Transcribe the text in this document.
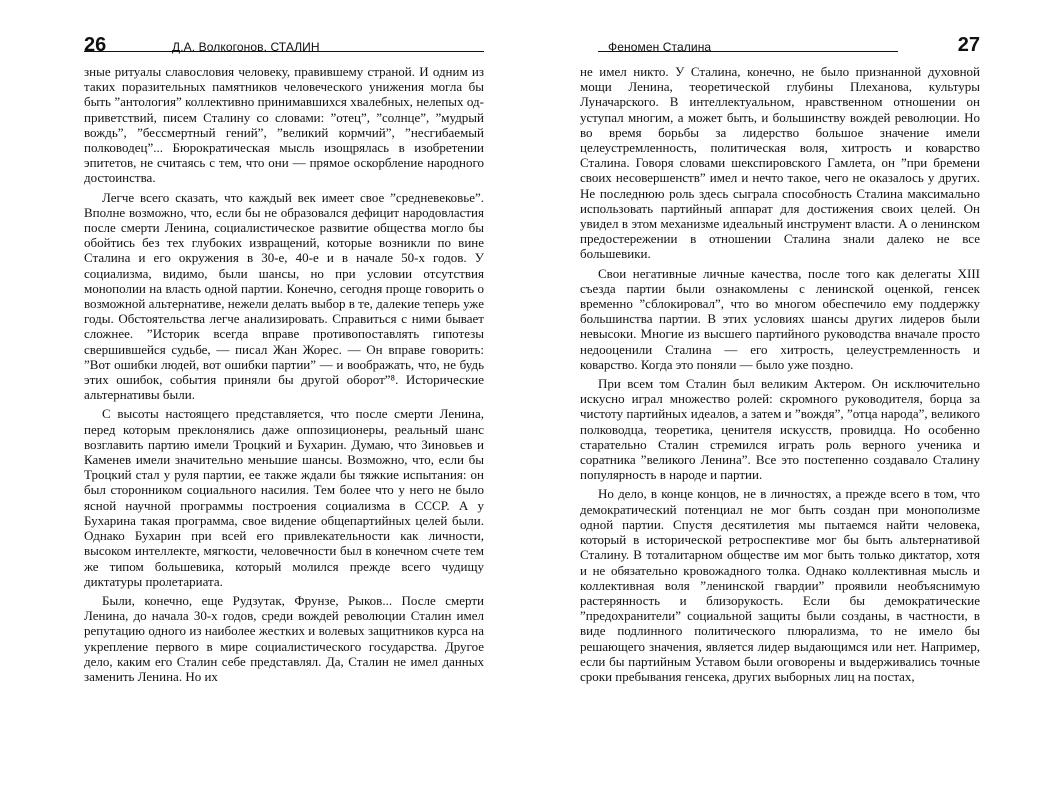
26	Д.А. Волкогонов. СТАЛИН

зные ритуалы славословия человеку, правившему страной. И одним из таких поразительных памятников человеческого унижения могла бы быть ”антология” коллективно принимавшихся хвалебных, нелепых од-приветствий, писем Сталину со словами: ”отец”, ”солнце”, ”мудрый вождь”, ”бессмертный гений”, ”великий кормчий”, ”несгибаемый полководец”... Бюрократическая мысль изощрялась в изобретении эпитетов, не считаясь с тем, что они — прямое оскорбление народного достоинства.

Легче всего сказать, что каждый век имеет свое ”средневековье”. Вполне возможно, что, если бы не образовался дефицит народовластия после смерти Ленина, социалистическое развитие общества могло бы обойтись без тех глубоких извращений, которые возникли по вине Сталина и его окружения в 30-е, 40-е и в начале 50-х годов. У социализма, видимо, были шансы, но при условии отсутствия монополии на власть одной партии. Конечно, сегодня проще говорить о возможной альтернативе, нежели делать выбор в те, далекие теперь уже годы. Обстоятельства легче анализировать. Справиться с ними бывает сложнее. ”Историк всегда вправе противопоставлять гипотезы свершившейся судьбе, — писал Жан Жорес. — Он вправе говорить: ”Вот ошибки людей, вот ошибки партии” — и воображать, что, не будь этих ошибок, события приняли бы другой оборот”⁸. Исторические альтернативы были.

С высоты настоящего представляется, что после смерти Ленина, перед которым преклонялись даже оппозиционеры, реальный шанс возглавить партию имели Троцкий и Бухарин. Думаю, что Зиновьев и Каменев имели значительно меньшие шансы. Возможно, что, если бы Троцкий стал у руля партии, ее также ждали бы тяжкие испытания: он был сторонником социального насилия. Тем более что у него не было ясной научной программы построения социализма в СССР. А у Бухарина такая программа, свое видение общепартийных целей были. Однако Бухарин при всей его привлекательности как личности, высоком интеллекте, мягкости, человечности был в конечном счете тем же типом большевика, который молился прежде всего чудищу диктатуры пролетариата.

Были, конечно, еще Рудзутак, Фрунзе, Рыков... После смерти Ленина, до начала 30-х годов, среди вождей революции Сталин имел репутацию одного из наиболее жестких и волевых защитников курса на укрепление первого в мире социалистического государства. Другое дело, каким его Сталин себе представлял. Да, Сталин не имел данных заменить Ленина. Но их

Феномен Сталина	27

не имел никто. У Сталина, конечно, не было признанной духовной мощи Ленина, теоретической глубины Плеханова, культуры Луначарского. В интеллектуальном, нравственном отношении он уступал многим, а может быть, и большинству вождей революции. Но во время борьбы за лидерство большое значение имели целеустремленность, политическая воля, хитрость и коварство Сталина. Говоря словами шекспировского Гамлета, он ”при бремени своих несовершенств” имел и нечто такое, чего не оказалось у других. Не последнюю роль здесь сыграла способность Сталина максимально использовать партийный аппарат для достижения своих целей. Он увидел в этом механизме идеальный инструмент власти. А о ленинском предостережении в отношении Сталина знали далеко не все большевики.

Свои негативные личные качества, после того как делегаты XIII съезда партии были ознакомлены с ленинской оценкой, генсек временно ”сблокировал”, что во многом обеспечило ему поддержку большинства партии. В этих условиях шансы других лидеров были невысоки. Многие из высшего партийного руководства вначале просто недооценили Сталина — его хитрость, целеустремленность и коварство. Когда это поняли — было уже поздно.

При всем том Сталин был великим Актером. Он исключительно искусно играл множество ролей: скромного руководителя, борца за чистоту партийных идеалов, а затем и ”вождя”, ”отца народа”, великого полководца, теоретика, ценителя искусств, провидца. Но особенно старательно Сталин стремился играть роль верного ученика и соратника ”великого Ленина”. Все это постепенно создавало Сталину популярность в народе и партии.

Но дело, в конце концов, не в личностях, а прежде всего в том, что демократический потенциал не мог быть создан при монополизме одной партии. Спустя десятилетия мы пытаемся найти человека, который в исторической ретроспективе мог бы быть альтернативой Сталину. В тоталитарном обществе им мог быть только диктатор, хотя и не обязательно кровожадного толка. Однако коллективная мысль и коллективная воля ”ленинской гвардии” проявили необъяснимую растерянность и близорукость. Если бы демократические ”предохранители” социальной защиты были созданы, в частности, в виде подлинного политического плюрализма, то не имело бы решающего значения, является лидер выдающимся или нет. Например, если бы партийным Уставом были оговорены и выдерживались точные сроки пребывания генсека, других выборных лиц на постах,
